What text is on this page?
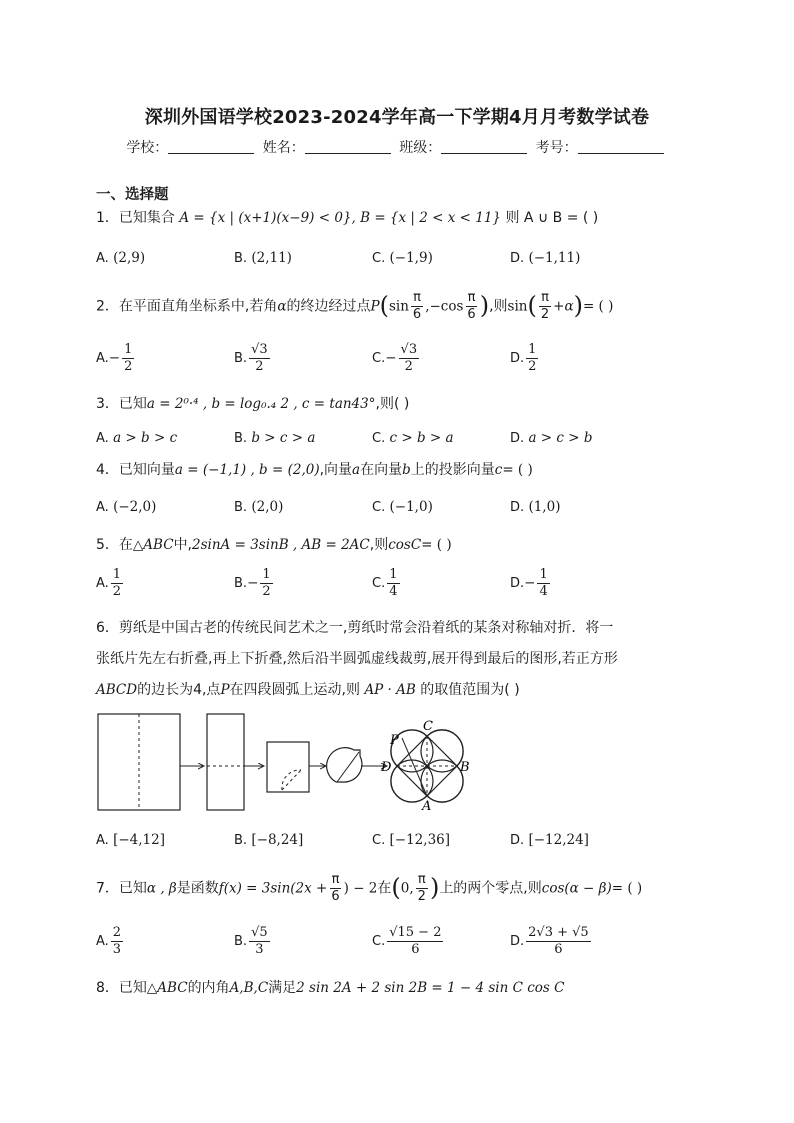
深圳外国语学校2023-2024学年高一下学期4月月考数学试卷
学校：	姓名：	班级：	考号：
一、选择题
1．已知集合 A = {x | (x+1)(x−9) < 0}, B = {x | 2 < x < 11} 则 A ∪ B = ( )
A. (2,9)	B. (2,11)	C. (−1,9)	D. (−1,11)
2．在平面直角坐标系中,若角α的终边经过点$P(\sin \frac{\pi}{6} ,-\cos \frac{\pi}{6}$ ),则$\sin( \frac{\pi}{2} +\alpha)=$ ( )
$A.- \frac{1}{2}$	B. $\frac{√3}{2}$	$C.- \frac{√3}{2}$	D. $\frac{1}{2}$
3．已知a = 2⁰·⁴ , b = log₀.₄ 2 , c = tan43°,则( )
A. a > b > c	B. b > c > a	C. c > b > a	D. a > c > b
4．已知向量a = (−1,1) , b = (2,0),向量a在向量b上的投影向量c= ( )
A. (−2,0)	B. (2,0)	C. (−1,0)	D. (1,0)
5．在△ABC中,2sinA = 3sinB , AB = 2AC,则cosC= ( )
A. $\frac{1}{2}$	$B.- \frac{1}{2}$	C. $\frac{1}{4}$	$D.- \frac{1}{4}$
6．剪纸是中国古老的传统民间艺术之一,剪纸时常会沿着纸的某条对称轴对折．将一
张纸片先左右折叠,再上下折叠,然后沿半圆弧虚线裁剪,展开得到最后的图形,若正方形
ABCD的边长为4,点P在四段圆弧上运动,则 AP · AB 的取值范围为( )
P
C
D	B
A
A. [−4,12]	B. [−8,24]	C. [−12,36]	D. [−12,24]
7．已知α , β是函数$f(x) = 3\sin(2x + \frac{\pi}{6}$ ) − 2在(0, $\frac{\pi}{2}$ )上的两个零点,则cos(α − β)= ( )
A. $\frac{2}{3}$	B. $\frac{√5}{3}$	C. $\frac{√15 - 2}{6}$	D. $\frac{2√3 + √5}{6}$
8．已知△ABC的内角A,B,C满足2 sin 2A + 2 sin 2B = 1 − 4 sin C cos C
